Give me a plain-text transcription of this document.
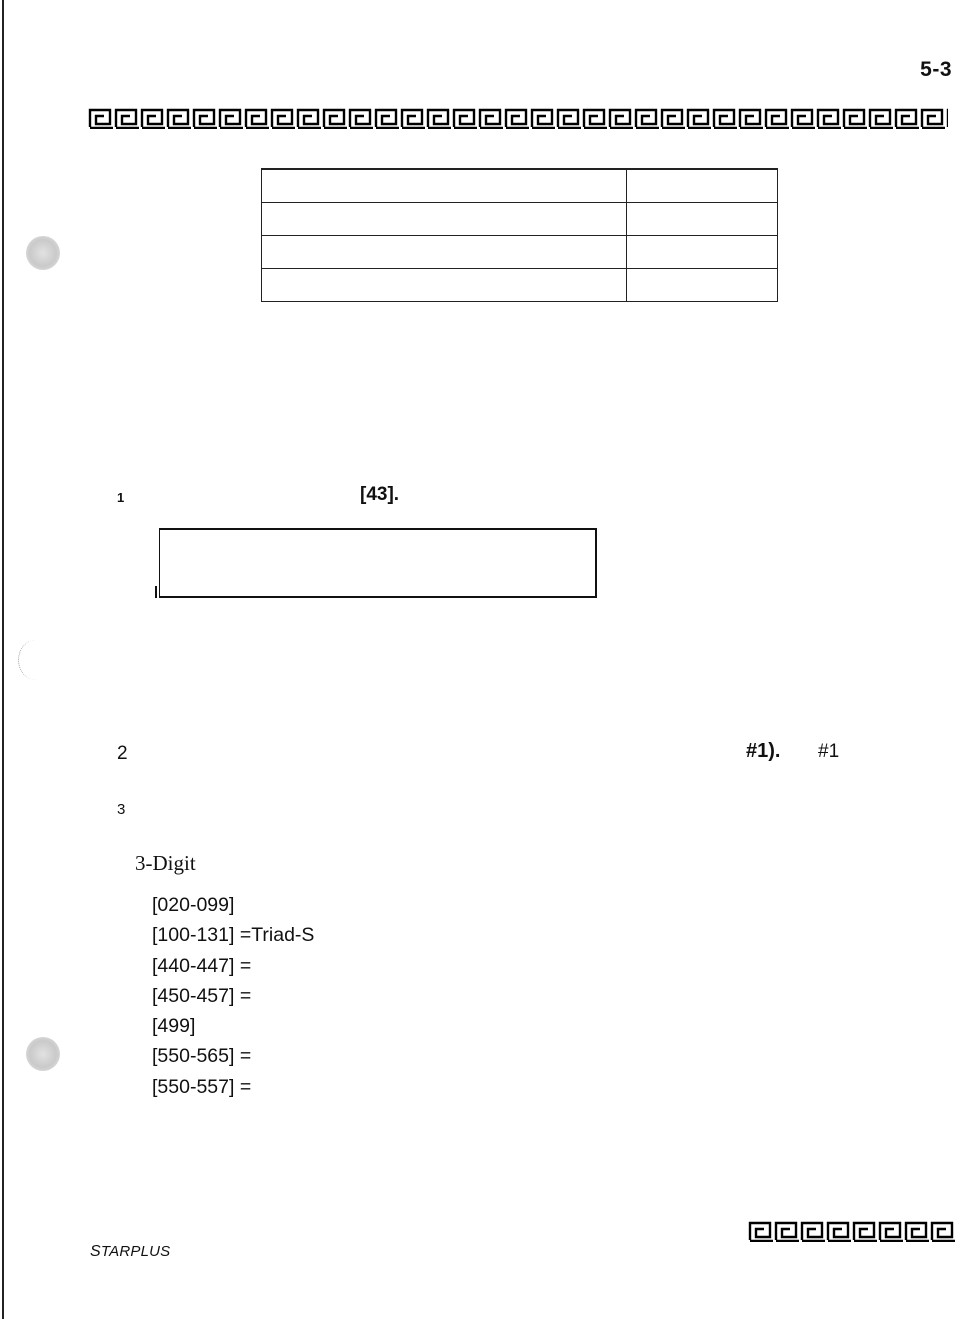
5-3

1	[43].
2	#1). #1
3
3-Digit
[020-099]
[100-131] =Triad-S
[440-447] =
[450-457] =
[499]
[550-565] =
[550-557] =
STARPLUS
